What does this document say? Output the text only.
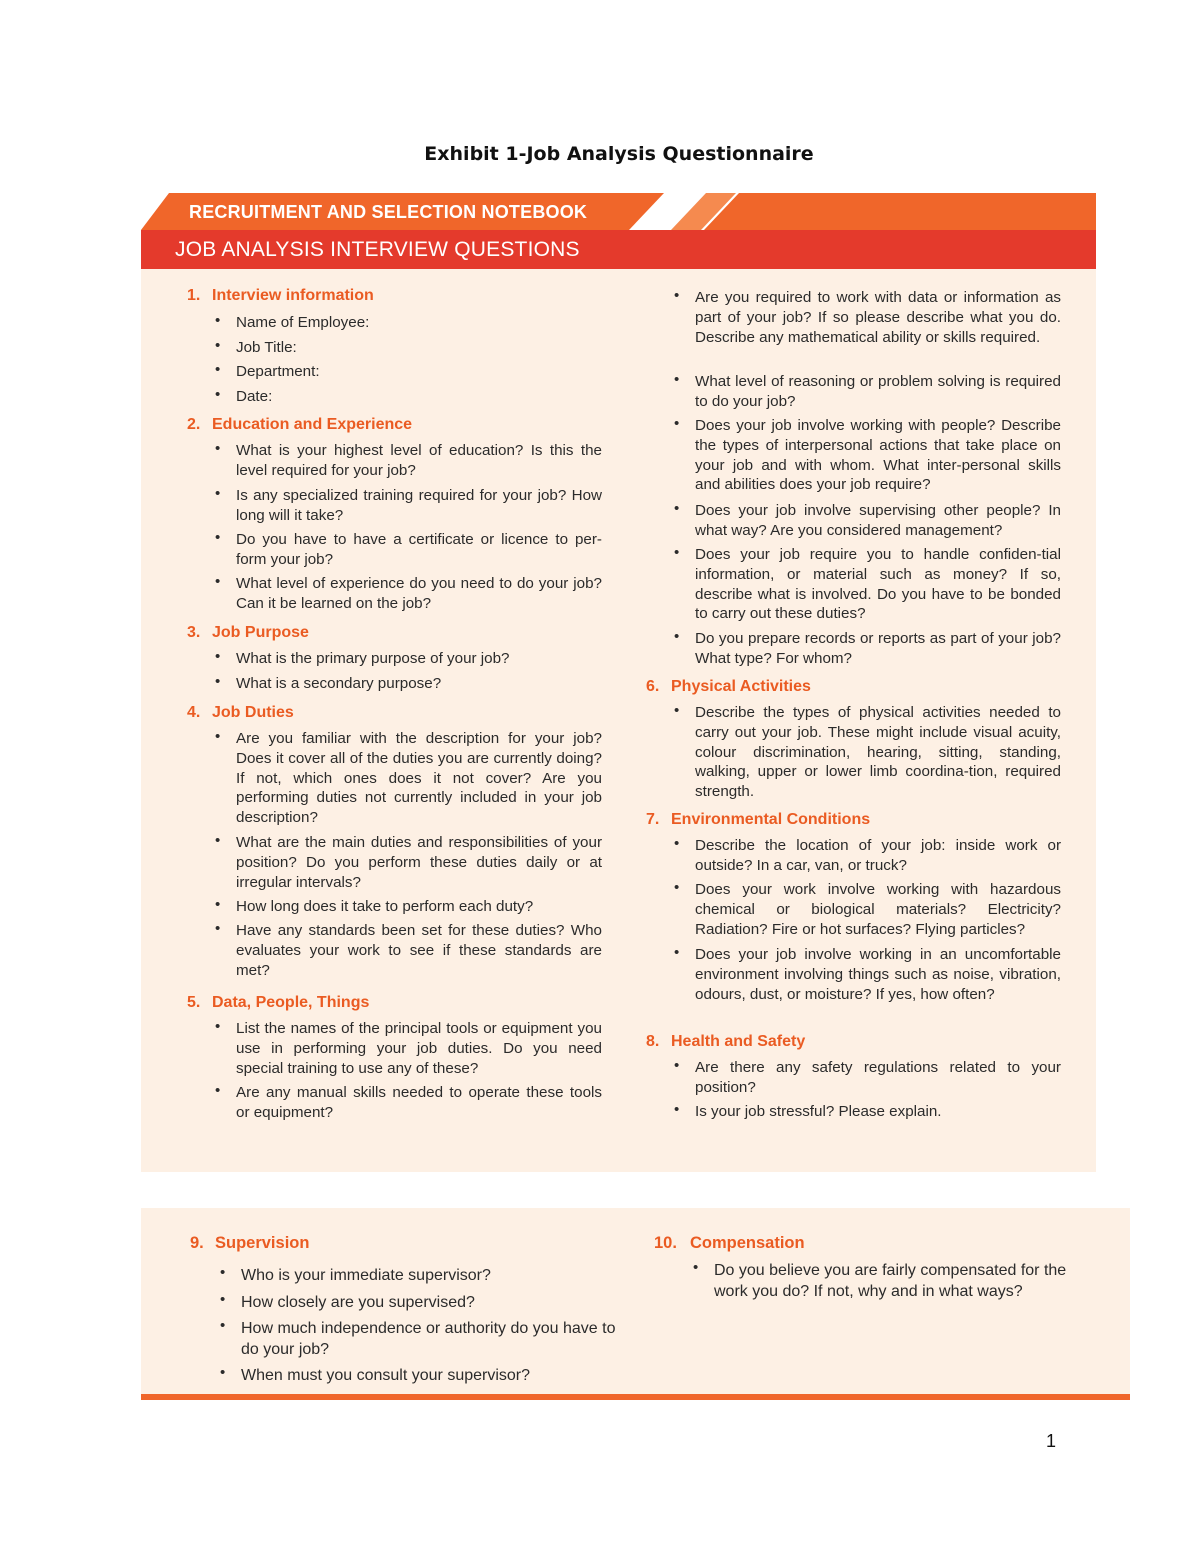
Exhibit 1-Job Analysis Questionnaire
RECRUITMENT AND SELECTION NOTEBOOK	4.2
JOB ANALYSIS INTERVIEW QUESTIONS
1. Interview information
• Name of Employee:
• Job Title:
• Department:
• Date:
2. Education and Experience
• What is your highest level of education? Is this the level required for your job?
• Is any specialized training required for your job? How long will it take?
• Do you have to have a certificate or licence to per-form your job?
• What level of experience do you need to do your job? Can it be learned on the job?
3. Job Purpose
• What is the primary purpose of your job?
• What is a secondary purpose?
4. Job Duties
• Are you familiar with the description for your job? Does it cover all of the duties you are currently doing? If not, which ones does it not cover? Are you performing duties not currently included in your job description?
• What are the main duties and responsibilities of your position? Do you perform these duties daily or at irregular intervals?
• How long does it take to perform each duty?
• Have any standards been set for these duties? Who evaluates your work to see if these standards are met?
5. Data, People, Things
• List the names of the principal tools or equipment you use in performing your job duties. Do you need special training to use any of these?
• Are any manual skills needed to operate these tools or equipment?
• Are you required to work with data or information as part of your job? If so please describe what you do. Describe any mathematical ability or skills required.
• What level of reasoning or problem solving is required to do your job?
• Does your job involve working with people? Describe the types of interpersonal actions that take place on your job and with whom. What inter-personal skills and abilities does your job require?
• Does your job involve supervising other people? In what way? Are you considered management?
• Does your job require you to handle confiden-tial information, or material such as money? If so, describe what is involved. Do you have to be bonded to carry out these duties?
• Do you prepare records or reports as part of your job? What type? For whom?
6. Physical Activities
• Describe the types of physical activities needed to carry out your job. These might include visual acuity, colour discrimination, hearing, sitting, standing, walking, upper or lower limb coordina-tion, required strength.
7. Environmental Conditions
• Describe the location of your job: inside work or outside? In a car, van, or truck?
• Does your work involve working with hazardous chemical or biological materials? Electricity? Radiation? Fire or hot surfaces? Flying particles?
• Does your job involve working in an uncomfortable environment involving things such as noise, vibration, odours, dust, or moisture? If yes, how often?
8. Health and Safety
• Are there any safety regulations related to your position?
• Is your job stressful? Please explain.
9. Supervision
• Who is your immediate supervisor?
• How closely are you supervised?
• How much independence or authority do you have to do your job?
• When must you consult your supervisor?
10. Compensation
• Do you believe you are fairly compensated for the work you do? If not, why and in what ways?
1
